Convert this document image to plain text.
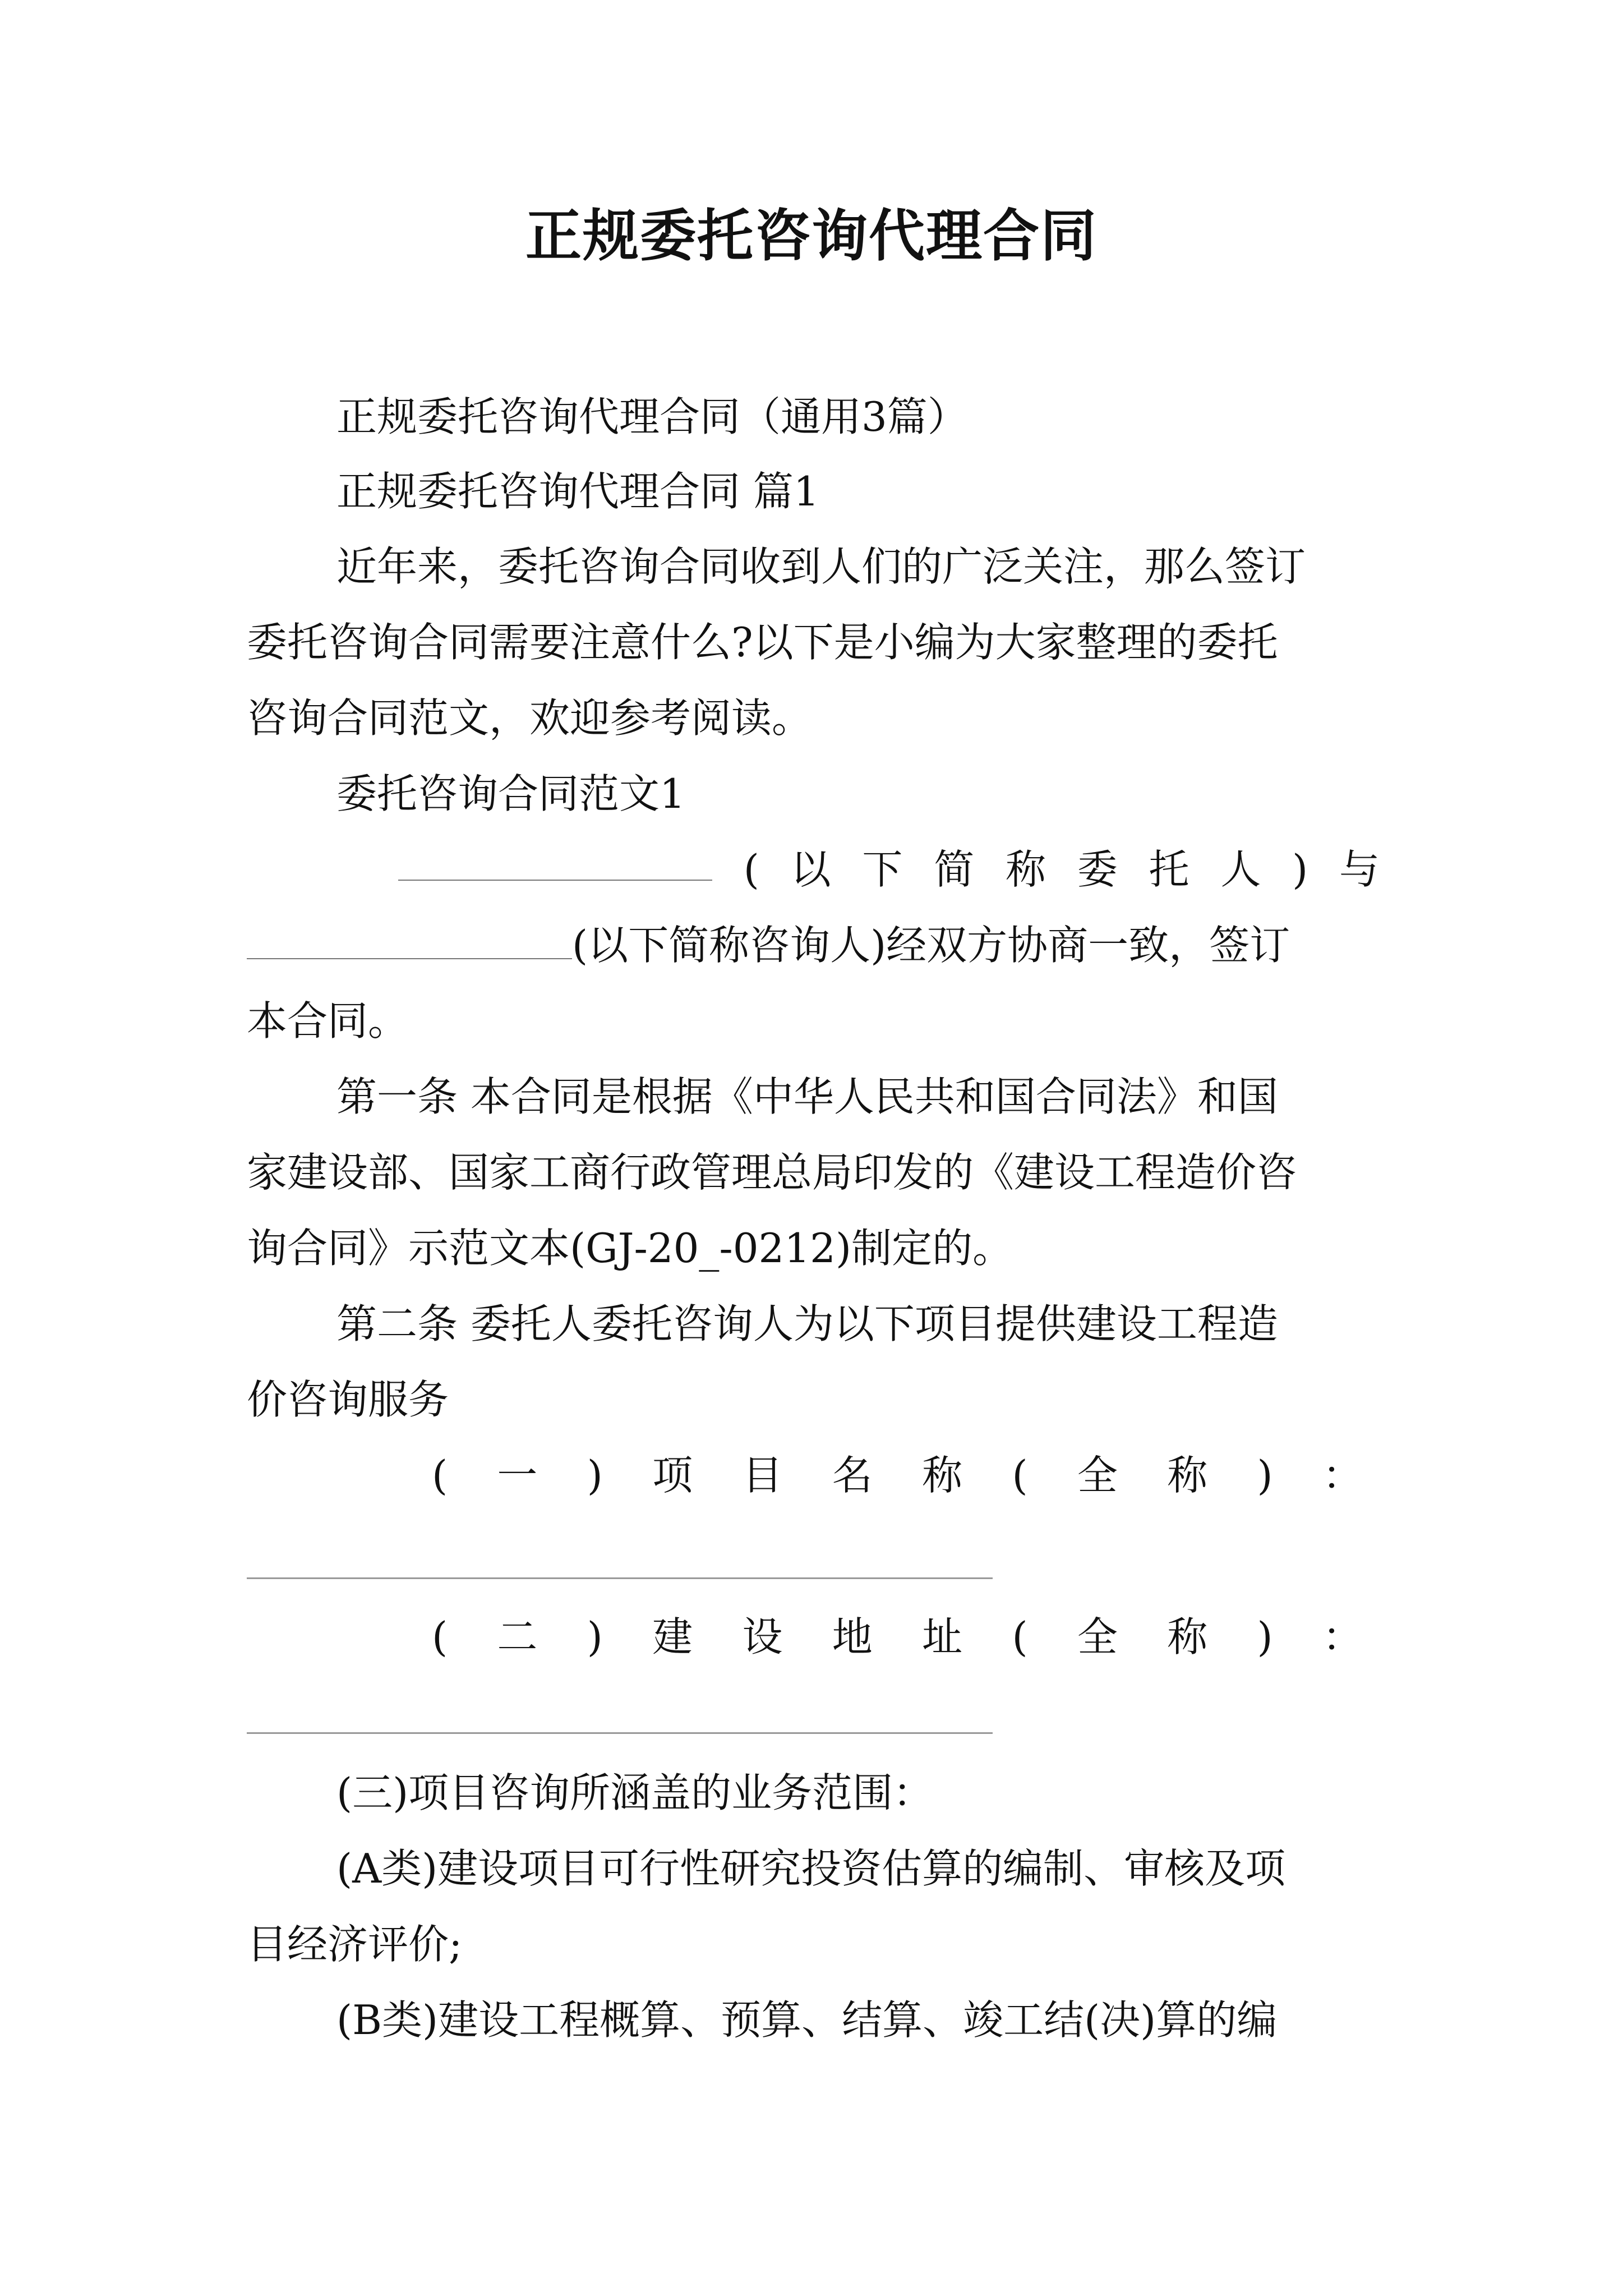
正规委托咨询代理合同
正规委托咨询代理合同（通用3篇）
正规委托咨询代理合同 篇1
近年来，委托咨询合同收到人们的广泛关注，那么签订
委托咨询合同需要注意什么?以下是小编为大家整理的委托
咨询合同范文，欢迎参考阅读。
委托咨询合同范文1
( 以 下 简 称 委 托 人 ) 与
(以下简称咨询人)经双方协商一致，签订
本合同。
第一条 本合同是根据《中华人民共和国合同法》和国
家建设部、国家工商行政管理总局印发的《建设工程造价咨
询合同》示范文本(GJ-20_-0212)制定的。
第二条 委托人委托咨询人为以下项目提供建设工程造
价咨询服务
( 一 ) 项 目 名 称 ( 全 称 ) ：
( 二 ) 建 设 地 址 ( 全 称 ) ：
(三)项目咨询所涵盖的业务范围：
(A类)建设项目可行性研究投资估算的编制、审核及项
目经济评价;
(B类)建设工程概算、预算、结算、竣工结(决)算的编
